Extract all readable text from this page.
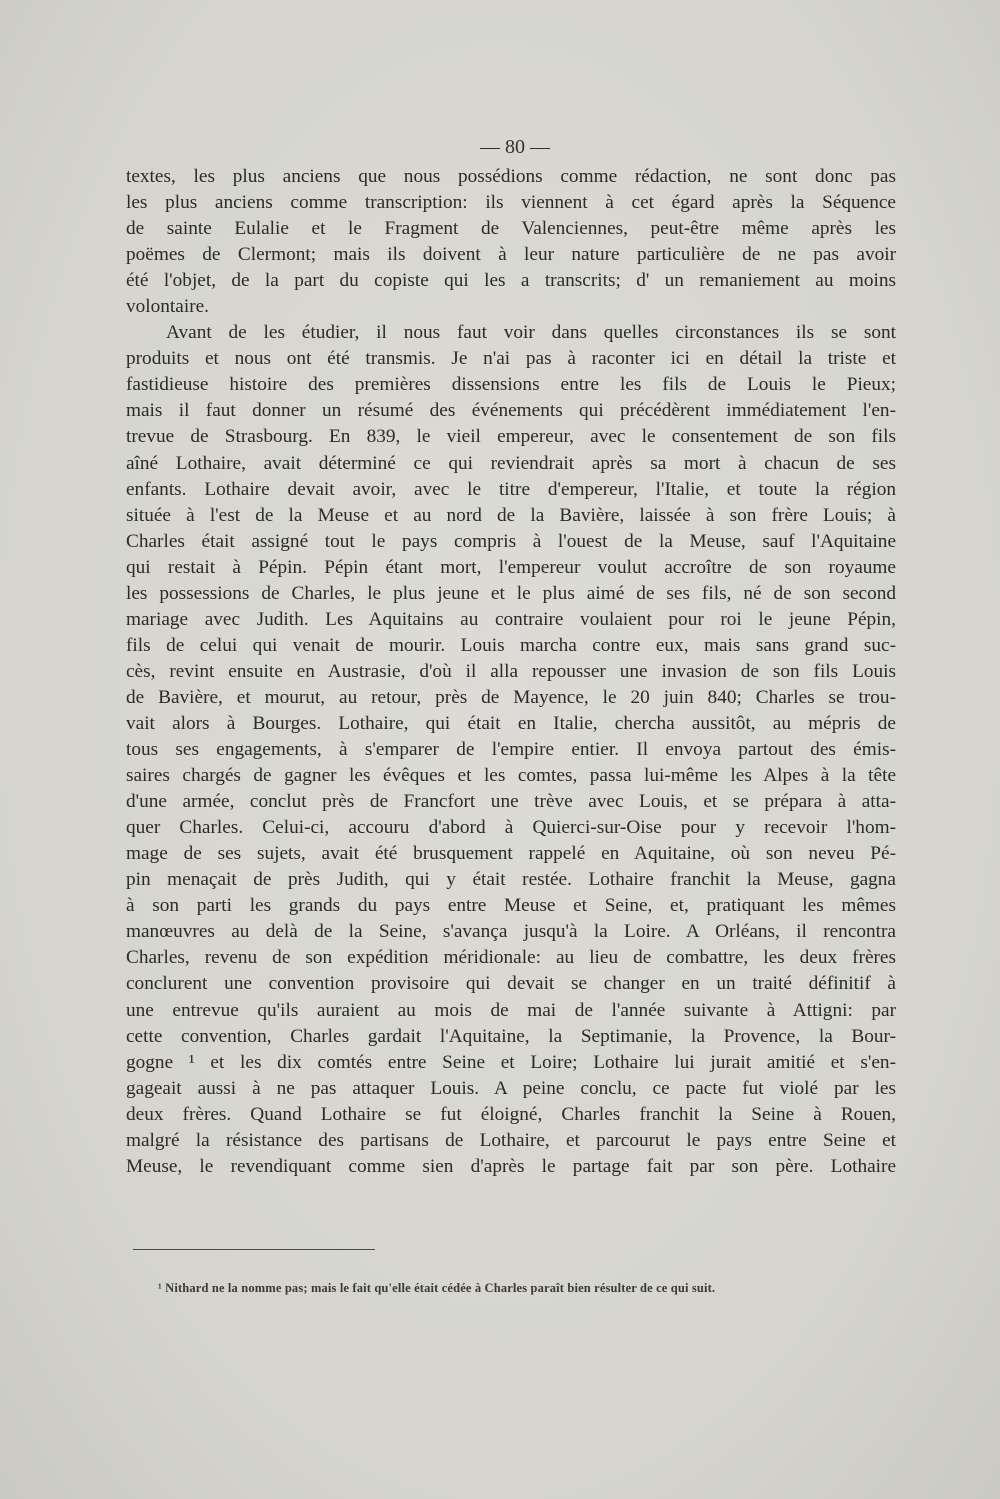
— 80 —
textes, les plus anciens que nous possédions comme rédaction, ne sont donc pas
les plus anciens comme transcription: ils viennent à cet égard après la Séquence
de sainte Eulalie et le Fragment de Valenciennes, peut-être même après les
poëmes de Clermont; mais ils doivent à leur nature particulière de ne pas avoir
été l'objet, de la part du copiste qui les a transcrits; d' un remaniement au moins
volontaire.
Avant de les étudier, il nous faut voir dans quelles circonstances ils se sont
produits et nous ont été transmis. Je n'ai pas à raconter ici en détail la triste et
fastidieuse histoire des premières dissensions entre les fils de Louis le Pieux;
mais il faut donner un résumé des événements qui précédèrent immédiatement l'en-
trevue de Strasbourg. En 839, le vieil empereur, avec le consentement de son fils
aîné Lothaire, avait déterminé ce qui reviendrait après sa mort à chacun de ses
enfants. Lothaire devait avoir, avec le titre d'empereur, l'Italie, et toute la région
située à l'est de la Meuse et au nord de la Bavière, laissée à son frère Louis; à
Charles était assigné tout le pays compris à l'ouest de la Meuse, sauf l'Aquitaine
qui restait à Pépin. Pépin étant mort, l'empereur voulut accroître de son royaume
les possessions de Charles, le plus jeune et le plus aimé de ses fils, né de son second
mariage avec Judith. Les Aquitains au contraire voulaient pour roi le jeune Pépin,
fils de celui qui venait de mourir. Louis marcha contre eux, mais sans grand suc-
cès, revint ensuite en Austrasie, d'où il alla repousser une invasion de son fils Louis
de Bavière, et mourut, au retour, près de Mayence, le 20 juin 840; Charles se trou-
vait alors à Bourges. Lothaire, qui était en Italie, chercha aussitôt, au mépris de
tous ses engagements, à s'emparer de l'empire entier. Il envoya partout des émis-
saires chargés de gagner les évêques et les comtes, passa lui-même les Alpes à la tête
d'une armée, conclut près de Francfort une trève avec Louis, et se prépara à atta-
quer Charles. Celui-ci, accouru d'abord à Quierci-sur-Oise pour y recevoir l'hom-
mage de ses sujets, avait été brusquement rappelé en Aquitaine, où son neveu Pé-
pin menaçait de près Judith, qui y était restée. Lothaire franchit la Meuse, gagna
à son parti les grands du pays entre Meuse et Seine, et, pratiquant les mêmes
manœuvres au delà de la Seine, s'avança jusqu'à la Loire. A Orléans, il rencontra
Charles, revenu de son expédition méridionale: au lieu de combattre, les deux frères
conclurent une convention provisoire qui devait se changer en un traité définitif à
une entrevue qu'ils auraient au mois de mai de l'année suivante à Attigni: par
cette convention, Charles gardait l'Aquitaine, la Septimanie, la Provence, la Bour-
gogne ¹ et les dix comtés entre Seine et Loire; Lothaire lui jurait amitié et s'en-
gageait aussi à ne pas attaquer Louis. A peine conclu, ce pacte fut violé par les
deux frères. Quand Lothaire se fut éloigné, Charles franchit la Seine à Rouen,
malgré la résistance des partisans de Lothaire, et parcourut le pays entre Seine et
Meuse, le revendiquant comme sien d'après le partage fait par son père. Lothaire
¹ Nithard ne la nomme pas; mais le fait qu'elle était cédée à Charles paraît bien résulter de ce qui suit.
